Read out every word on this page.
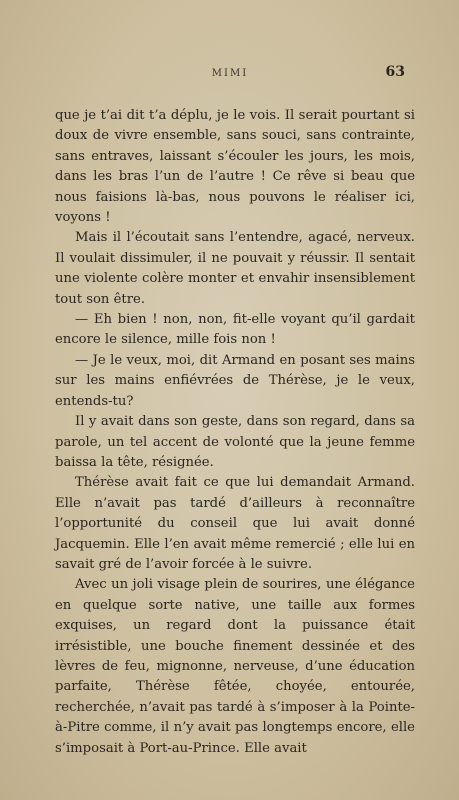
MIMI	63

que je t’ai dit t’a déplu, je le vois. Il serait pourtant si doux de vivre ensemble, sans souci, sans contrainte, sans entraves, laissant s’écouler les jours, les mois, dans les bras l’un de l’autre ! Ce rêve si beau que nous faisions là-bas, nous pouvons le réaliser ici, voyons !

Mais il l’écoutait sans l’entendre, agacé, nerveux. Il voulait dissimuler, il ne pouvait y réussir. Il sentait une violente colère monter et envahir insensiblement tout son être.

— Eh bien ! non, non, fit-elle voyant qu’il gardait encore le silence, mille fois non !

— Je le veux, moi, dit Armand en posant ses mains sur les mains enfiévrées de Thérèse, je le veux, entends-tu?

Il y avait dans son geste, dans son regard, dans sa parole, un tel accent de volonté que la jeune femme baissa la tête, résignée.

Thérèse avait fait ce que lui demandait Armand. Elle n’avait pas tardé d’ailleurs à reconnaître l’opportunité du conseil que lui avait donné Jacquemin. Elle l’en avait même remercié ; elle lui en savait gré de l’avoir forcée à le suivre.

Avec un joli visage plein de sourires, une élégance en quelque sorte native, une taille aux formes exquises, un regard dont la puissance était irrésistible, une bouche finement dessinée et des lèvres de feu, mignonne, nerveuse, d’une éducation parfaite, Thérèse fêtée, choyée, entourée, recherchée, n’avait pas tardé à s’imposer à la Pointe-à-Pitre comme, il n’y avait pas longtemps encore, elle s’imposait à Port-au-Prince. Elle avait
